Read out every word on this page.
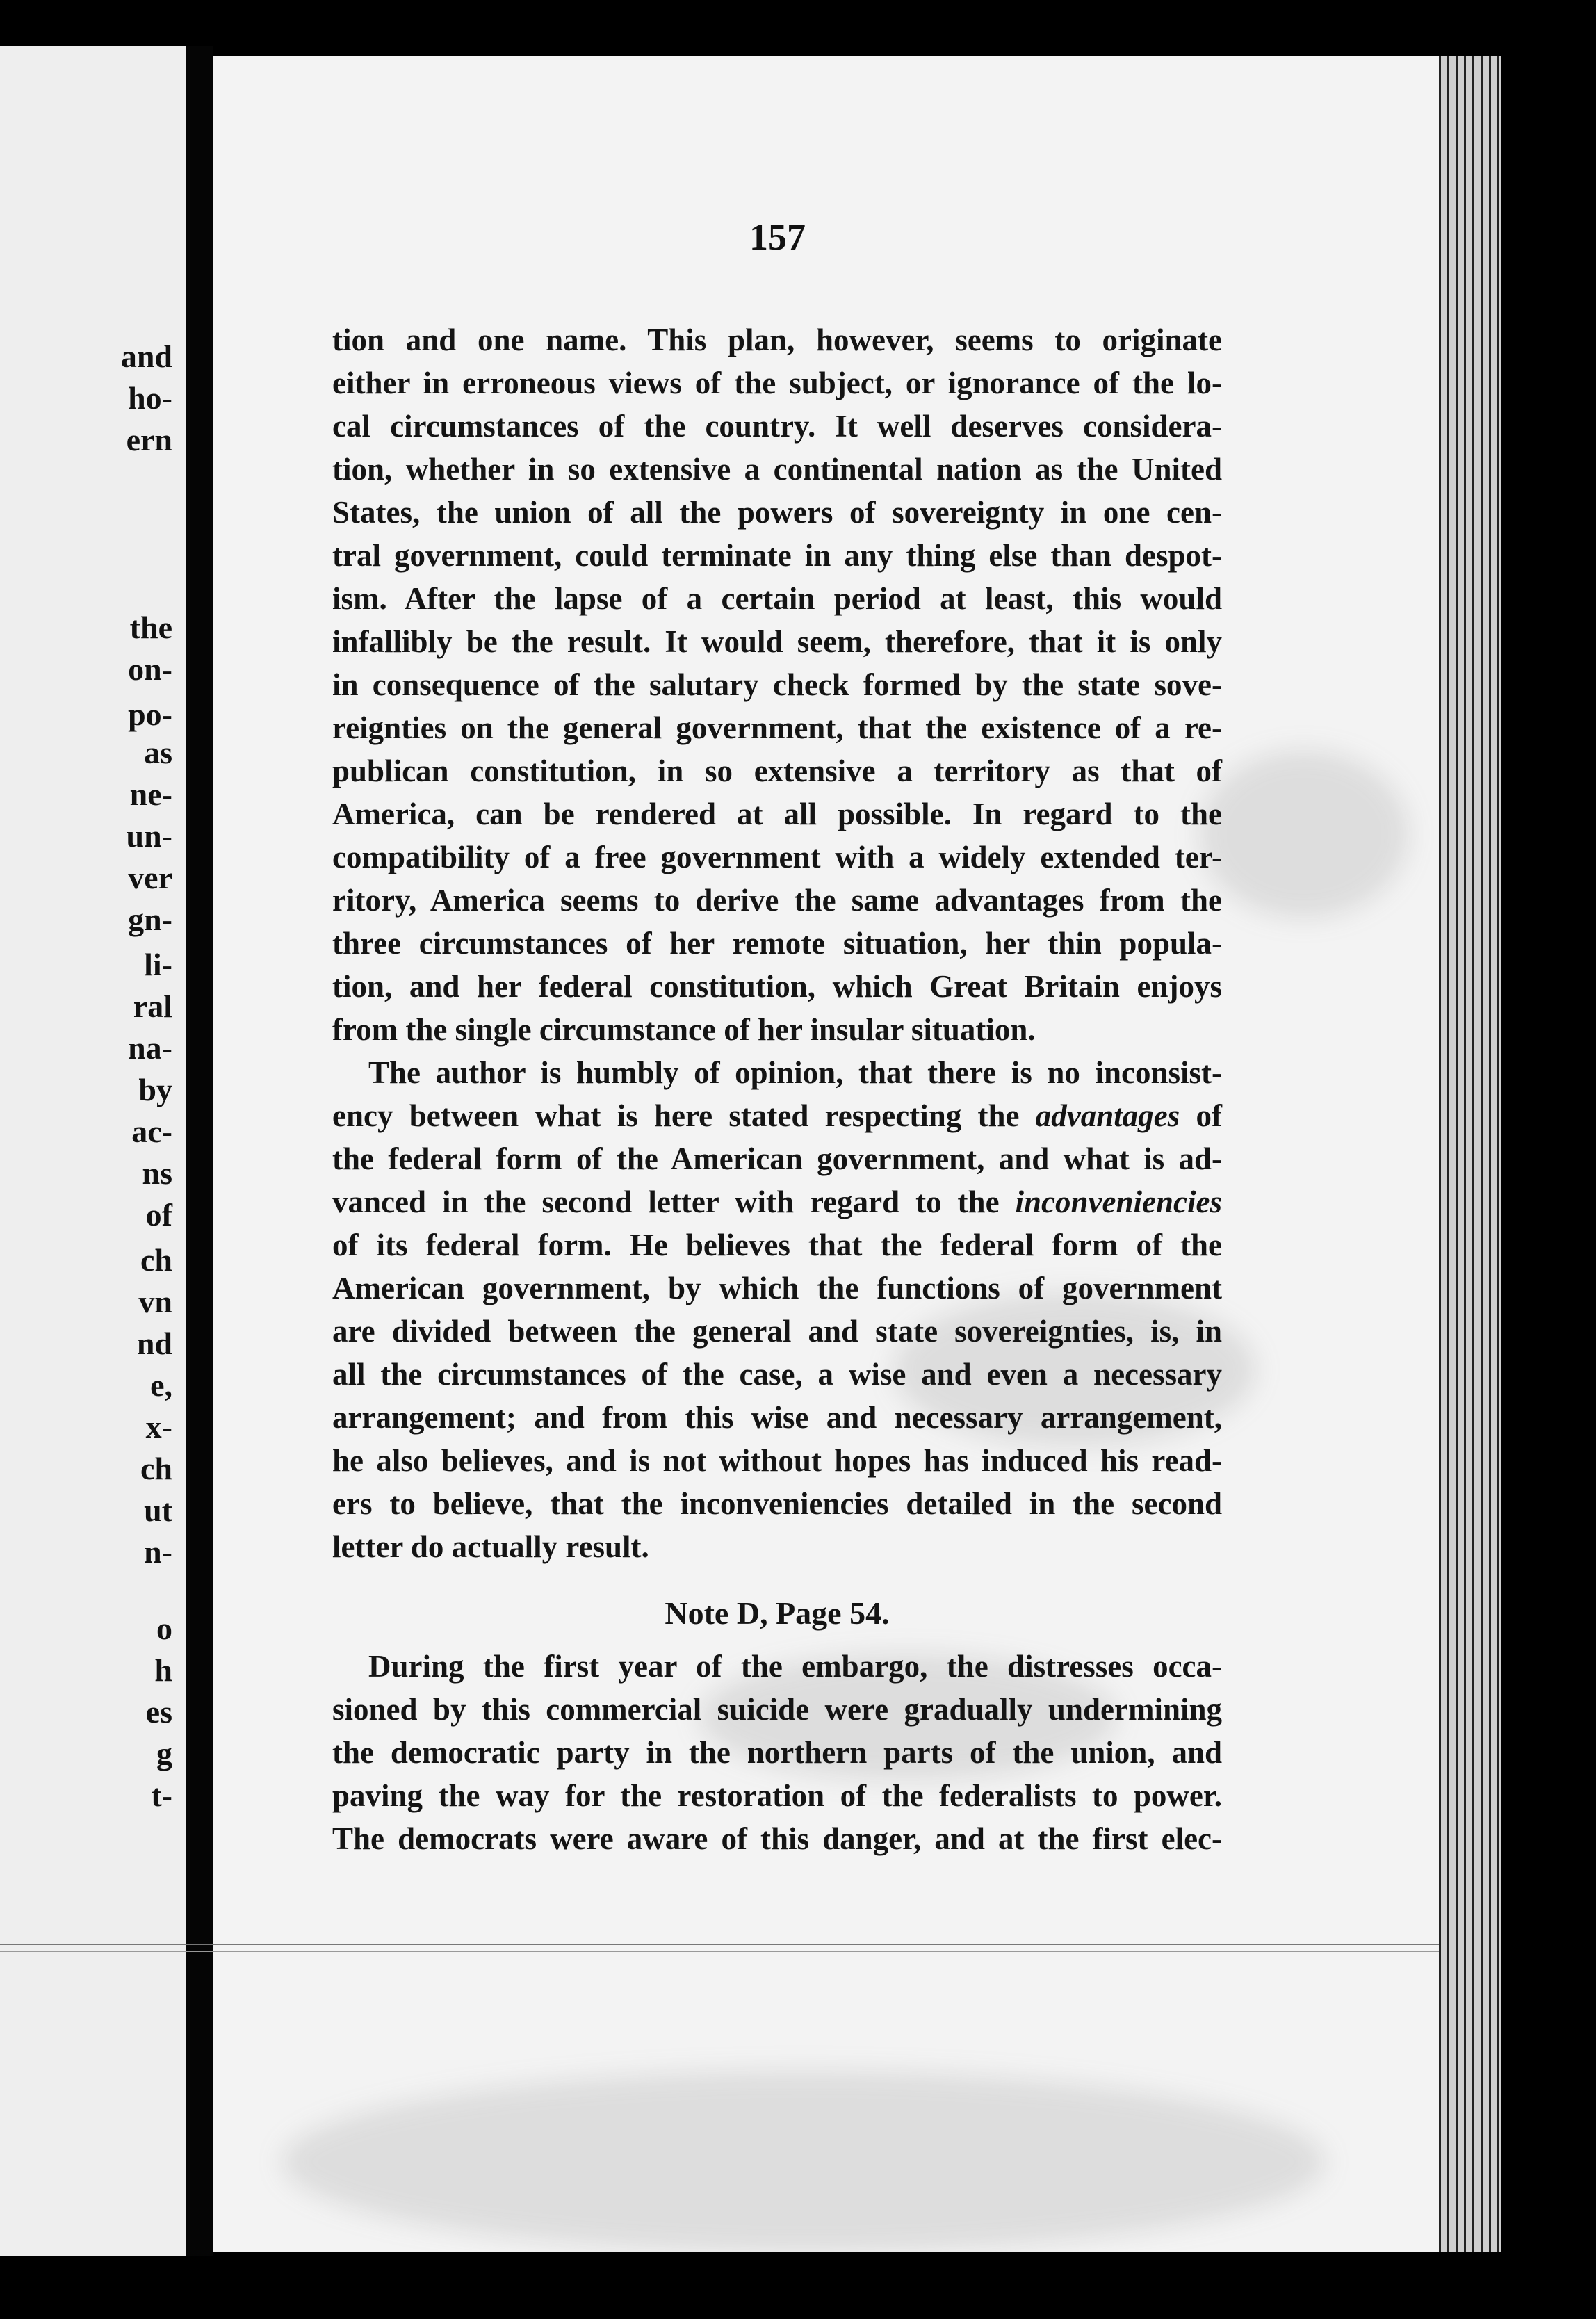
and
ho-
ern
the
on-
po-
as
ne-
un-
ver
gn-
li-
ral
na-
by
ac-
ns
of
ch
vn
nd
e,
x-
ch
ut
n-
o
h
es
g
t-
157
tion and one name. This plan, however, seems to originate
either in erroneous views of the subject, or ignorance of the lo-
cal circumstances of the country. It well deserves considera-
tion, whether in so extensive a continental nation as the United
States, the union of all the powers of sovereignty in one cen-
tral government, could terminate in any thing else than despot-
ism. After the lapse of a certain period at least, this would
infallibly be the result. It would seem, therefore, that it is only
in consequence of the salutary check formed by the state sove-
reignties on the general government, that the existence of a re-
publican constitution, in so extensive a territory as that of
America, can be rendered at all possible. In regard to the
compatibility of a free government with a widely extended ter-
ritory, America seems to derive the same advantages from the
three circumstances of her remote situation, her thin popula-
tion, and her federal constitution, which Great Britain enjoys
from the single circumstance of her insular situation.
The author is humbly of opinion, that there is no inconsist-
ency between what is here stated respecting the advantages of
the federal form of the American government, and what is ad-
vanced in the second letter with regard to the inconveniencies
of its federal form. He believes that the federal form of the
American government, by which the functions of government
are divided between the general and state sovereignties, is, in
all the circumstances of the case, a wise and even a necessary
arrangement; and from this wise and necessary arrangement,
he also believes, and is not without hopes has induced his read-
ers to believe, that the inconveniencies detailed in the second
letter do actually result.
Note D, Page 54.
During the first year of the embargo, the distresses occa-
sioned by this commercial suicide were gradually undermining
the democratic party in the northern parts of the union, and
paving the way for the restoration of the federalists to power.
The democrats were aware of this danger, and at the first elec-
